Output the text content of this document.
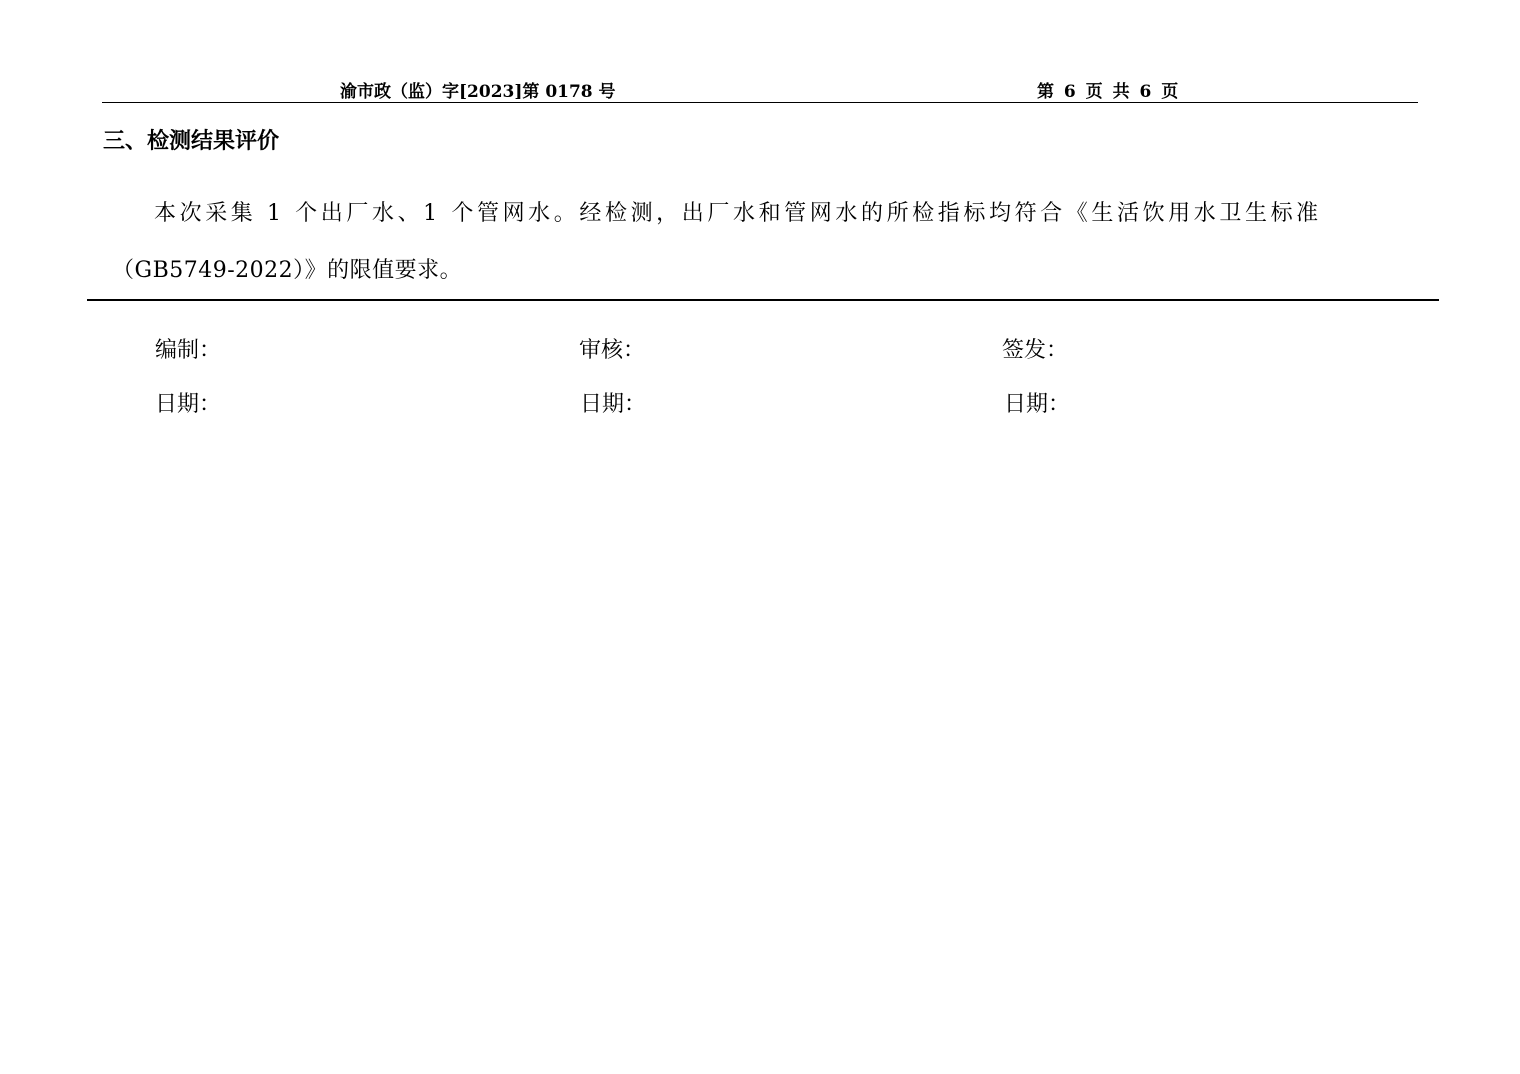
渝市政（监）字[2023]第 0178 号	第 6 页 共 6 页
三、检测结果评价
本次采集 1 个出厂水、1 个管网水。经检测，出厂水和管网水的所检指标均符合《生活饮用水卫生标准
（GB5749-2022）》的限值要求。
编制：	审核：	签发：
日期：	日期：	日期：
